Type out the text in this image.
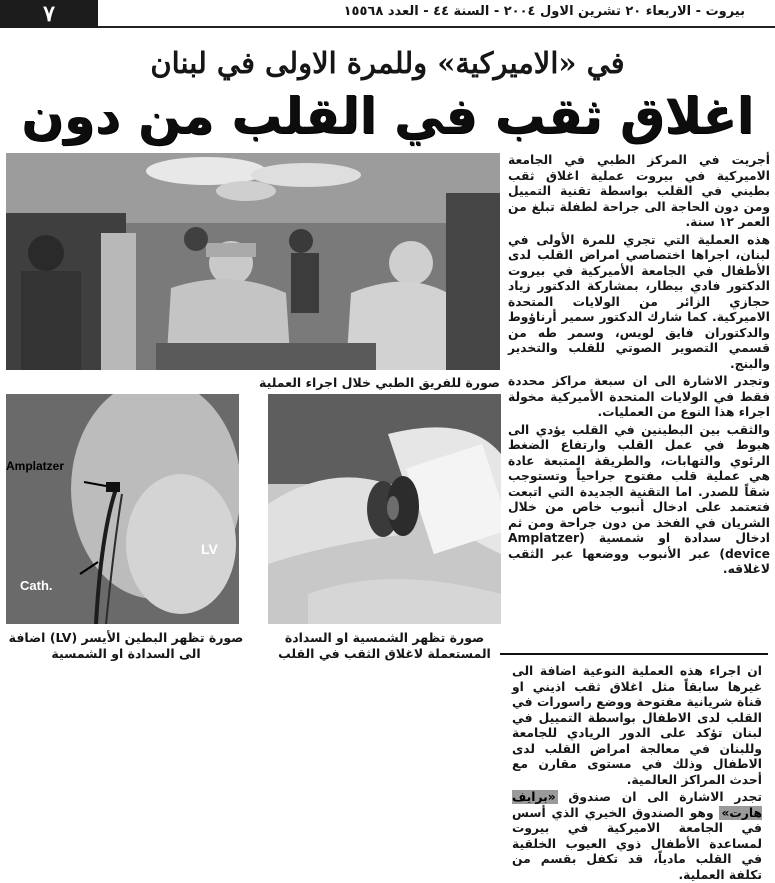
٧	بيروت - الاربعاء ٢٠ تشرين الاول ٢٠٠٤ - السنة ٤٤ - العدد ١٥٥٦٨
في «الاميركية» وللمرة الاولى في لبنان
اغلاق ثقب في القلب من دون
صورة للفريق الطبي خلال اجراء العملية
Amplatzer
LV
Cath.
صورة تظهر البطين الأيسر (LV) اضافة الى السدادة او الشمسية
صورة تظهر الشمسية او السدادة المستعملة لاغلاق الثقب في القلب

أجريت في المركز الطبي في الجامعة الاميركية في بيروت عملية اغلاق ثقب بطيني في القلب بواسطة تقنية التمييل ومن دون الحاجة الى جراحة لطفلة تبلغ من العمر ١٢ سنة.

هذه العملية التي تجري للمرة الأولى في لبنان، اجراها اختصاصي امراض القلب لدى الأطفال في الجامعة الأميركية في بيروت الدكتور فادي بيطار، بمشاركة الدكتور زياد حجازي الزائر من الولايات المتحدة الاميركية. كما شارك الدكتور سمير أرناؤوط والدكتوران فايق لويس، وسمر طه من قسمي التصوير الصوتي للقلب والتخدير والبنج.

وتجدر الاشارة الى ان سبعة مراكز محددة فقط في الولايات المتحدة الأميركية مخولة اجراء هذا النوع من العمليات.

والثقب بين البطينين في القلب يؤدي الى هبوط في عمل القلب وارتفاع الضغط الرئوي والتهابات، والطريقة المتبعة عادة هي عملية قلب مفتوح جراحياً وتستوجب شقاً للصدر. اما التقنية الجديدة التي اتبعت فتعتمد على ادخال أنبوب خاص من خلال الشريان في الفخذ من دون جراحة ومن ثم ادخال سدادة او شمسية (Amplatzer device) عبر الأنبوب ووضعها عبر الثقب لاغلاقه.

ان اجراء هذه العملية النوعية اضافة الى غيرها سابقاً مثل اغلاق ثقب اذيني او قناة شريانية مفتوحة ووضع راسورات في القلب لدى الاطفال بواسطة التمييل في لبنان تؤكد على الدور الريادي للجامعة وللبنان في معالجة امراض القلب لدى الاطفال وذلك في مستوى مقارن مع أحدث المراكز العالمية.

تجدر الاشارة الى ان صندوق «برايف هارت» وهو الصندوق الخيري الذي أسس في الجامعة الاميركية في بيروت لمساعدة الأطفال ذوي العيوب الخلقية في القلب مادياً، قد تكفل بقسم من تكلفة العملية.
